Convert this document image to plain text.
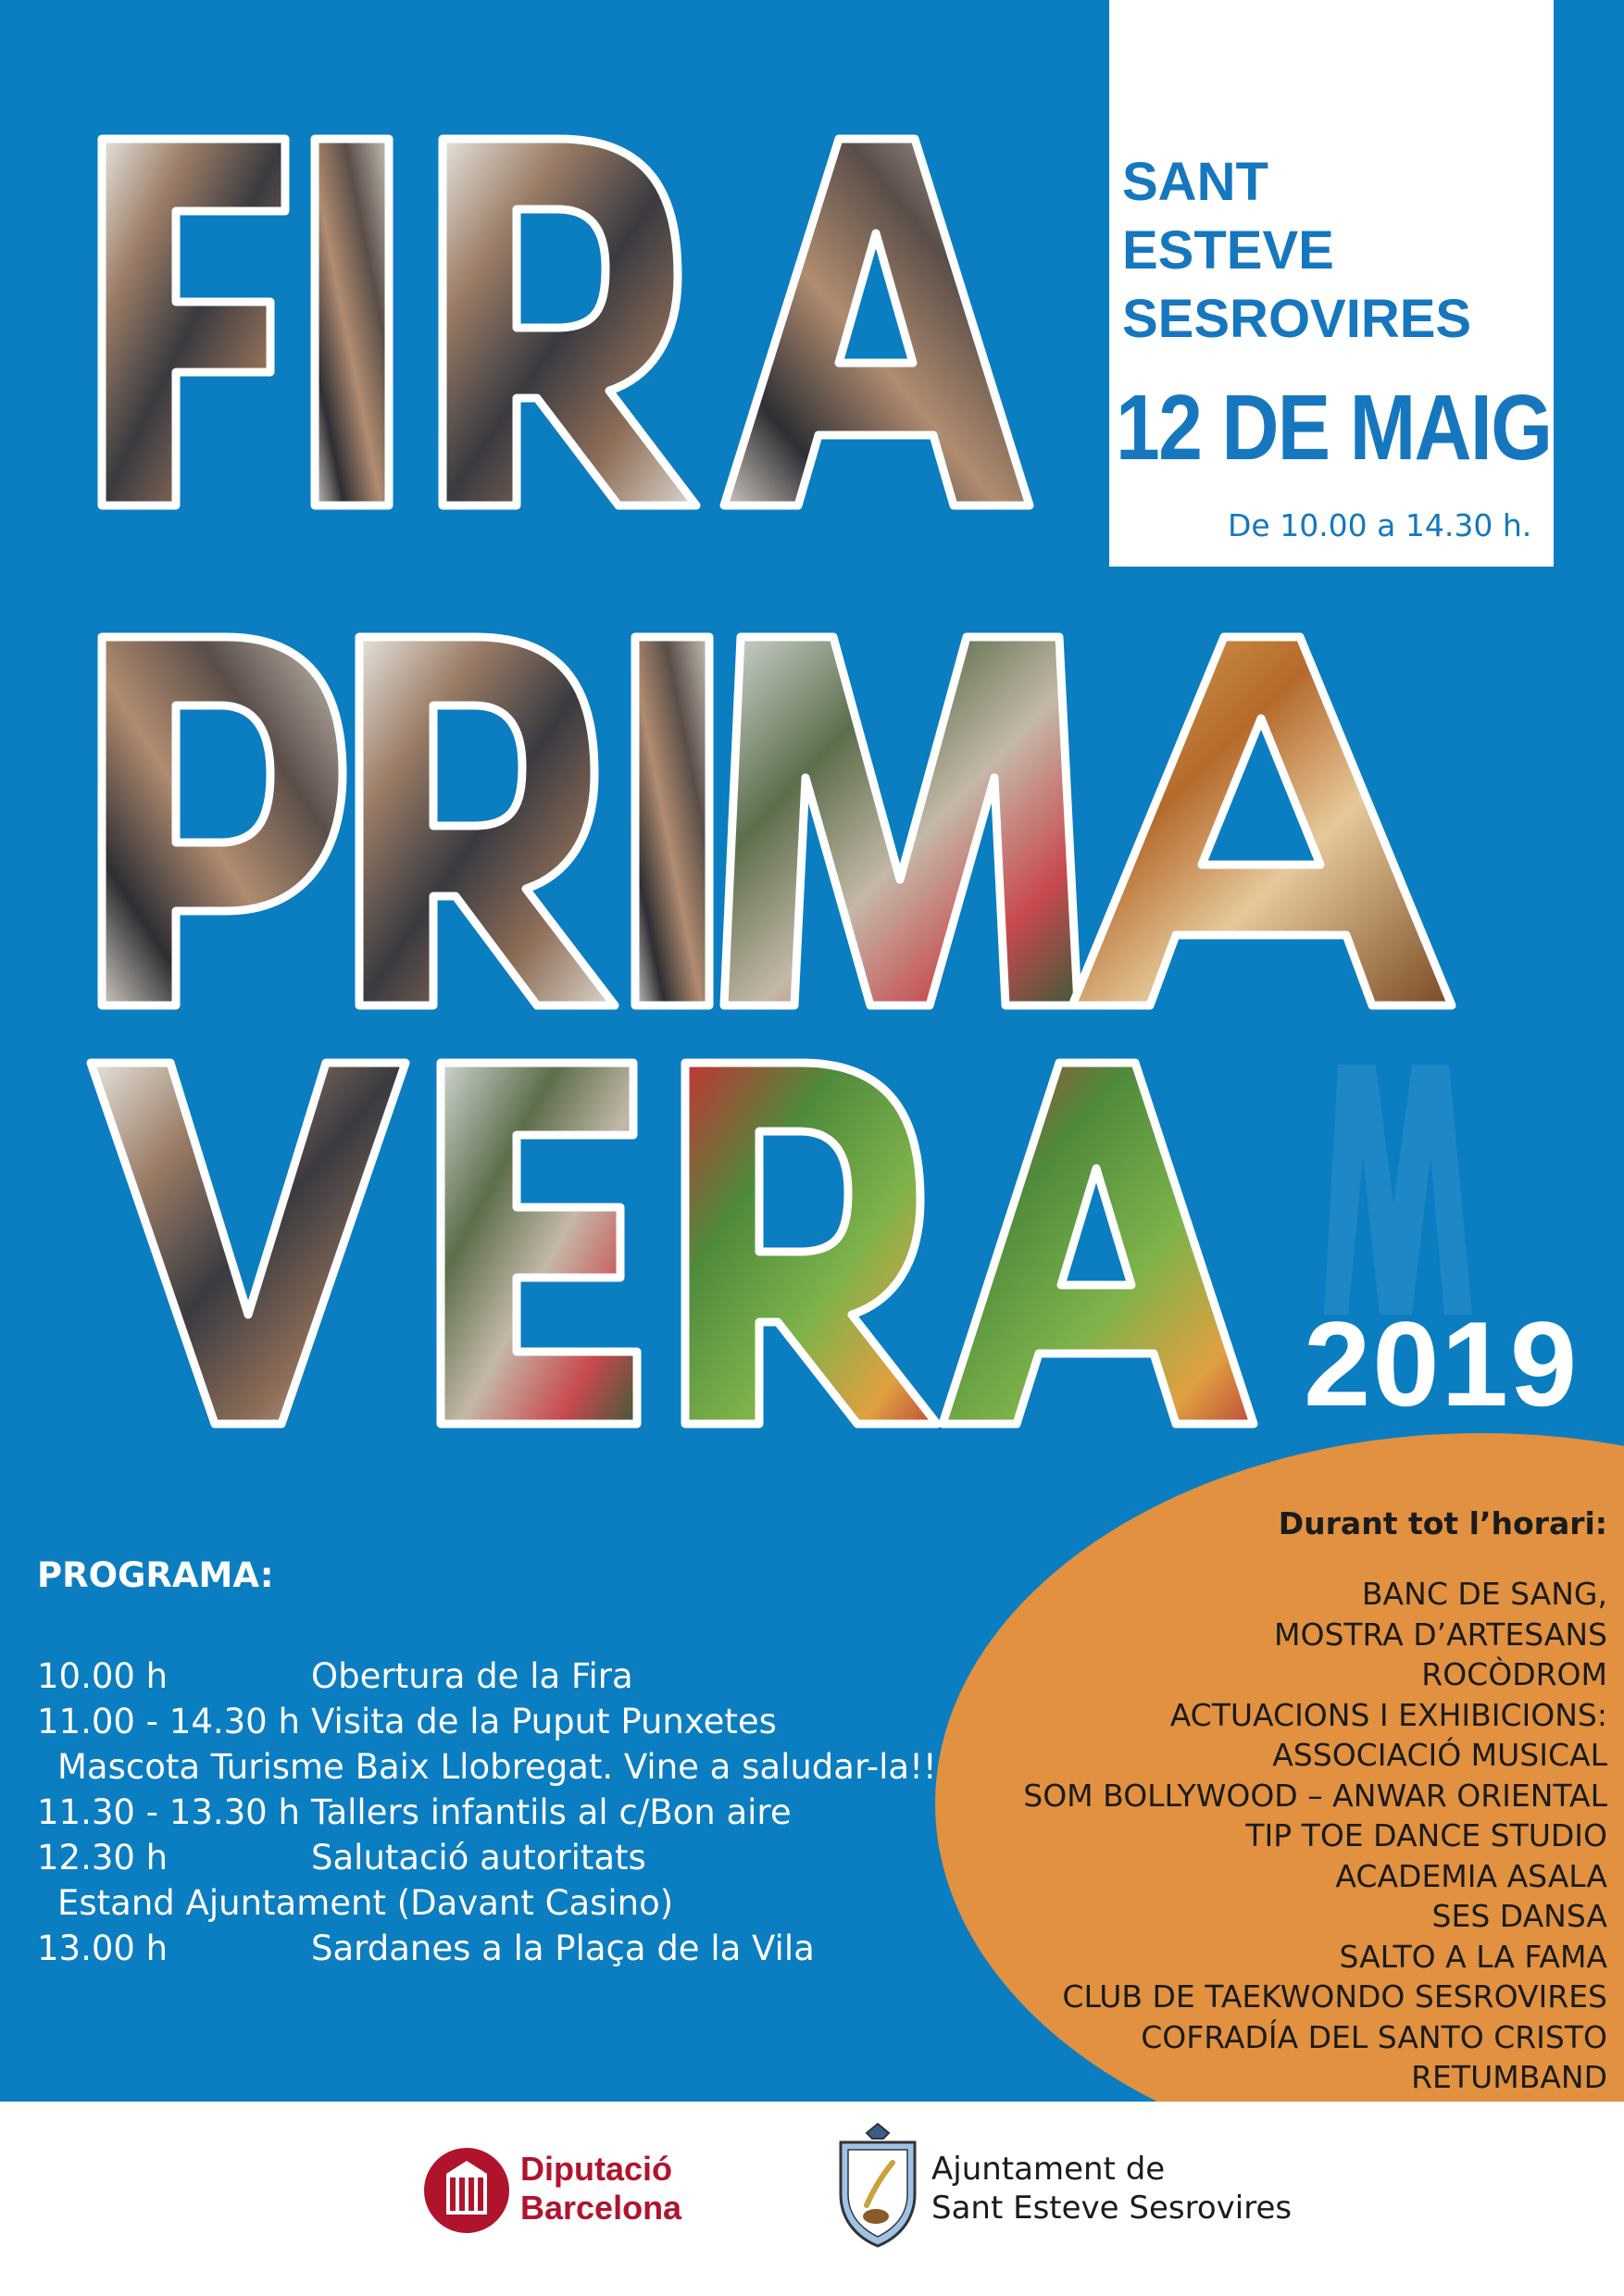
SANT
ESTEVE
SESROVIRES
12 DE MAIG
De 10.00 a 14.30 h.
2019
Durant tot l’horari:
BANC DE SANG,
MOSTRA D’ARTESANS
ROCÒDROM
ACTUACIONS I EXHIBICIONS:
ASSOCIACIÓ MUSICAL
SOM BOLLYWOOD – ANWAR ORIENTAL
TIP TOE DANCE STUDIO
ACADEMIA ASALA
SES DANSA
SALTO A LA FAMA
CLUB DE TAEKWONDO SESROVIRES
COFRADÍA DEL SANTO CRISTO
RETUMBAND
PROGRAMA:
10.00 h	Obertura de la Fira
11.00 - 14.30 h Visita de la Puput Punxetes
Mascota Turisme Baix Llobregat. Vine a saludar-la!!
11.30 - 13.30 h Tallers infantils al c/Bon aire
12.30 h	Salutació autoritats
Estand Ajuntament (Davant Casino)
13.00 h	Sardanes a la Plaça de la Vila
Diputació
Barcelona
Ajuntament de
Sant Esteve Sesrovires
